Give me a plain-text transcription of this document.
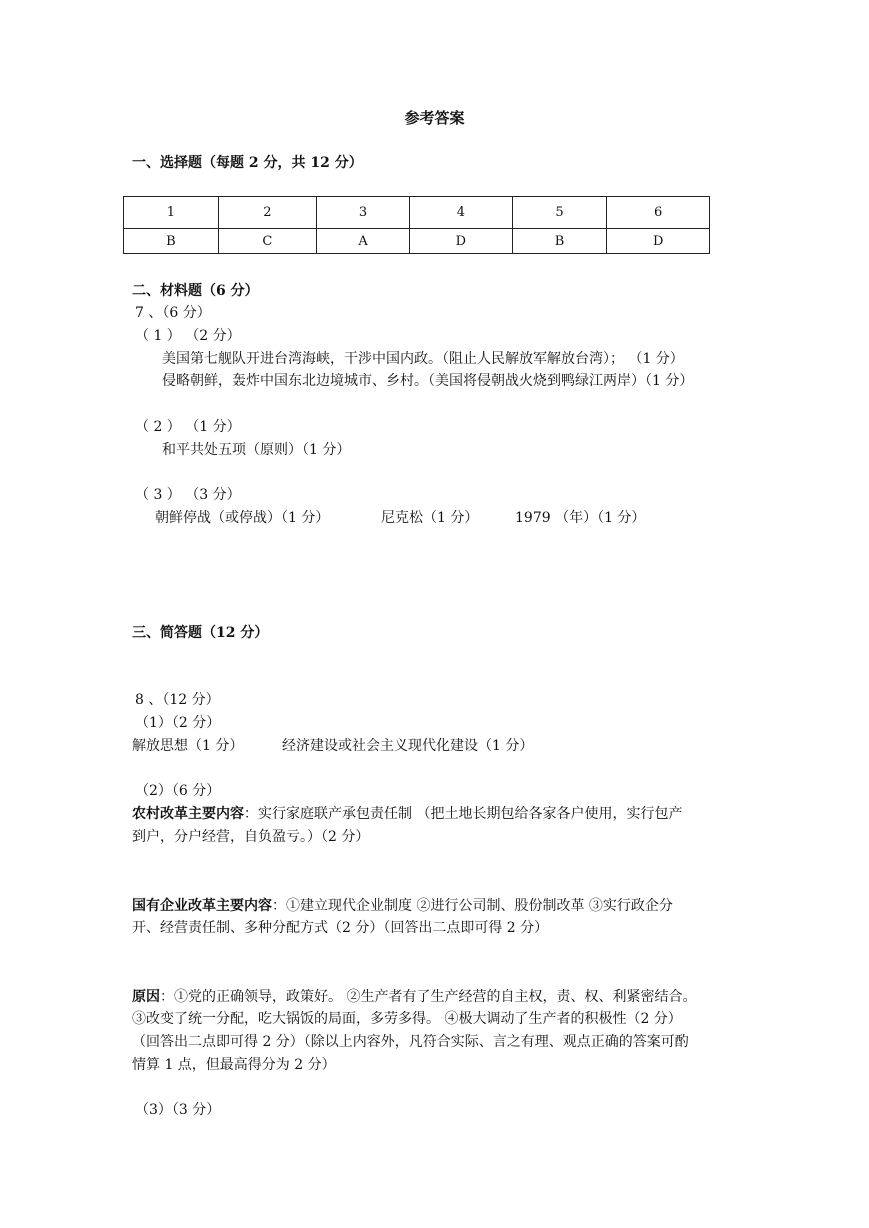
参考答案
一、选择题（每题 2 分，共 12 分）
1	2	3	4	5	6
B	C	A	D	B	D
二、材料题（6 分）
7 、（6 分）
（ 1 ） （2 分）
美国第七舰队开进台湾海峡，干涉中国内政。（阻止人民解放军解放台湾）； （1 分）
侵略朝鲜，轰炸中国东北边境城市、乡村。（美国将侵朝战火烧到鸭绿江两岸）（1 分）
（ 2 ） （1 分）
和平共处五项（原则）（1 分）
（ 3 ） （3 分）
朝鲜停战（或停战）（1 分）	尼克松（1 分）	1979 （年）（1 分）
三、简答题（12 分）
8 、（12 分）
（1）（2 分）
解放思想（1 分）	经济建设或社会主义现代化建设（1 分）
（2）（6 分）
农村改革主要内容：实行家庭联产承包责任制 （把土地长期包给各家各户使用，实行包产
到户，分户经营，自负盈亏。）（2 分）
国有企业改革主要内容：①建立现代企业制度 ②进行公司制、股份制改革 ③实行政企分
开、经营责任制、多种分配方式（2 分）（回答出二点即可得 2 分）
原因：①党的正确领导，政策好。 ②生产者有了生产经营的自主权，责、权、利紧密结合。
③改变了统一分配，吃大锅饭的局面，多劳多得。 ④极大调动了生产者的积极性（2 分）
（回答出二点即可得 2 分）（除以上内容外，凡符合实际、言之有理、观点正确的答案可酌
情算 1 点，但最高得分为 2 分）
（3）（3 分）
